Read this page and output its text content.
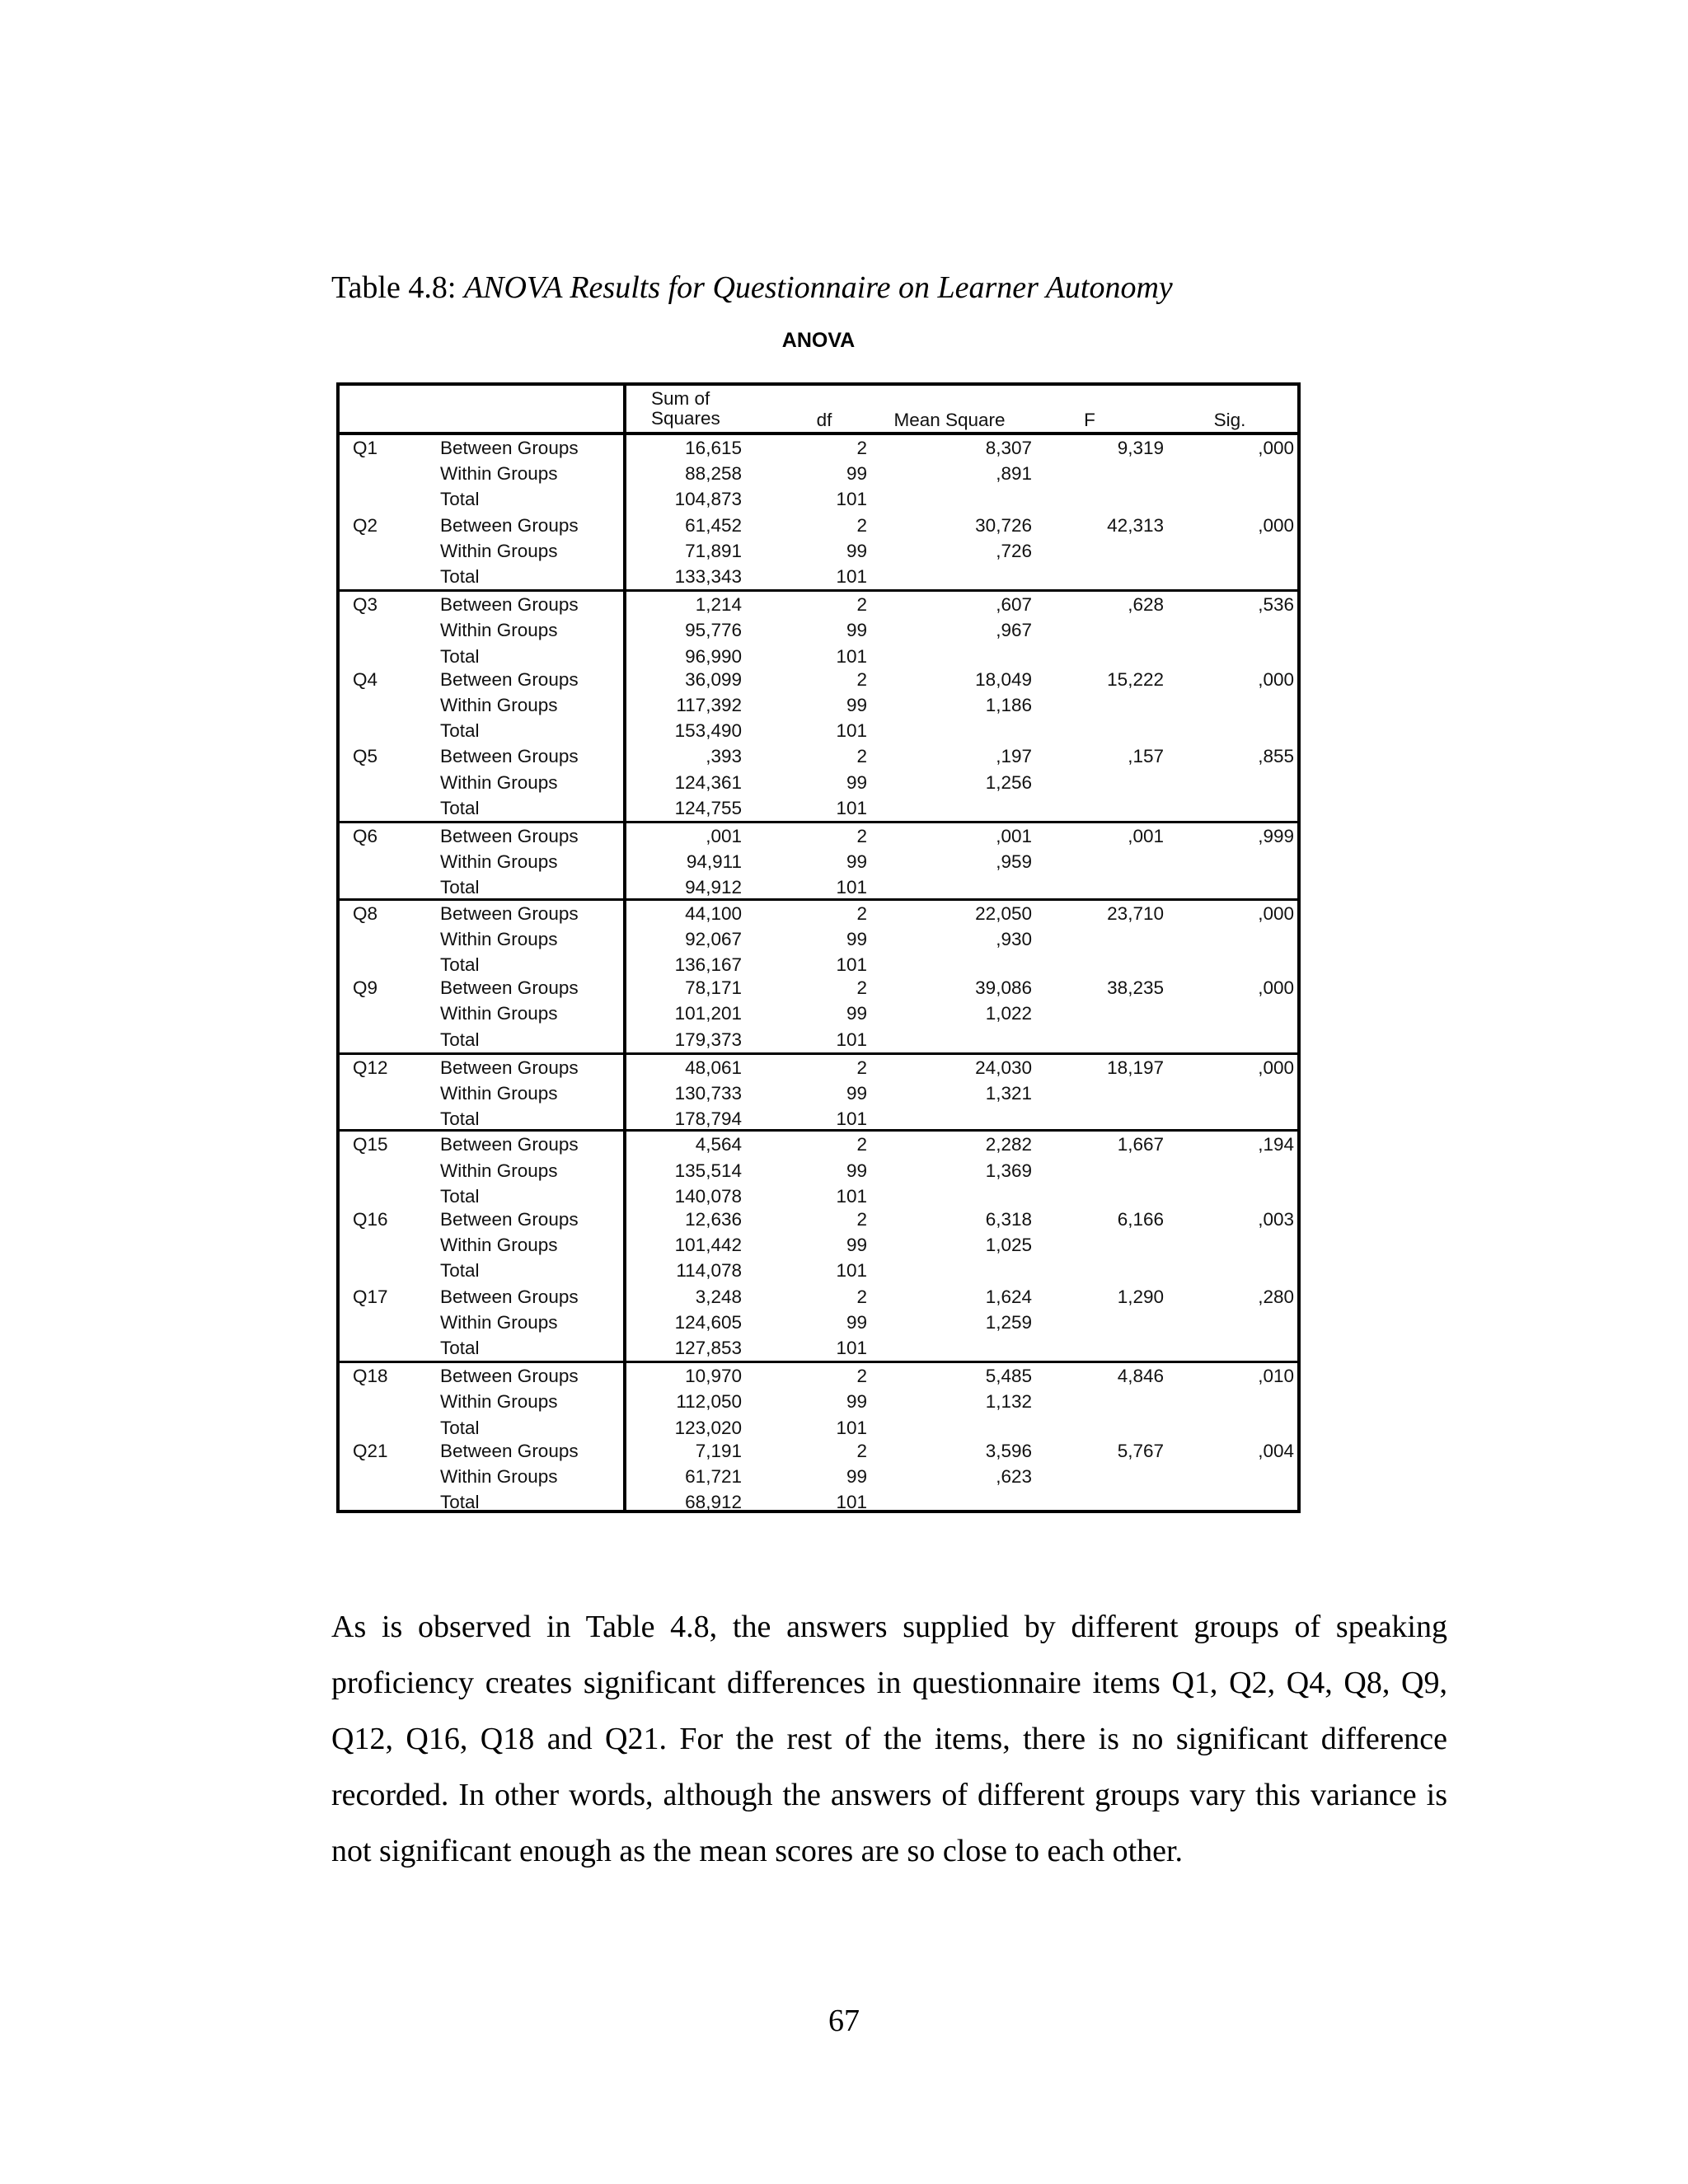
Table 4.8: ANOVA Results for Questionnaire on Learner Autonomy
ANOVA
Sum of Squares	df	Mean Square	F	Sig.
Q1	Between Groups	16,615	2	8,307	9,319	,000
Within Groups	88,258	99	,891
Total	104,873	101
Q2	Between Groups	61,452	2	30,726	42,313	,000
Within Groups	71,891	99	,726
Total	133,343	101
Q3	Between Groups	1,214	2	,607	,628	,536
Within Groups	95,776	99	,967
Total	96,990	101
Q4	Between Groups	36,099	2	18,049	15,222	,000
Within Groups	117,392	99	1,186
Total	153,490	101
Q5	Between Groups	,393	2	,197	,157	,855
Within Groups	124,361	99	1,256
Total	124,755	101
Q6	Between Groups	,001	2	,001	,001	,999
Within Groups	94,911	99	,959
Total	94,912	101
Q8	Between Groups	44,100	2	22,050	23,710	,000
Within Groups	92,067	99	,930
Total	136,167	101
Q9	Between Groups	78,171	2	39,086	38,235	,000
Within Groups	101,201	99	1,022
Total	179,373	101
Q12	Between Groups	48,061	2	24,030	18,197	,000
Within Groups	130,733	99	1,321
Total	178,794	101
Q15	Between Groups	4,564	2	2,282	1,667	,194
Within Groups	135,514	99	1,369
Total	140,078	101
Q16	Between Groups	12,636	2	6,318	6,166	,003
Within Groups	101,442	99	1,025
Total	114,078	101
Q17	Between Groups	3,248	2	1,624	1,290	,280
Within Groups	124,605	99	1,259
Total	127,853	101
Q18	Between Groups	10,970	2	5,485	4,846	,010
Within Groups	112,050	99	1,132
Total	123,020	101
Q21	Between Groups	7,191	2	3,596	5,767	,004
Within Groups	61,721	99	,623
Total	68,912	101
As is observed in Table 4.8, the answers supplied by different groups of speaking proficiency creates significant differences in questionnaire items Q1, Q2, Q4, Q8, Q9, Q12, Q16, Q18 and Q21. For the rest of the items, there is no significant difference recorded. In other words, although the answers of different groups vary this variance is not significant enough as the mean scores are so close to each other.
67
